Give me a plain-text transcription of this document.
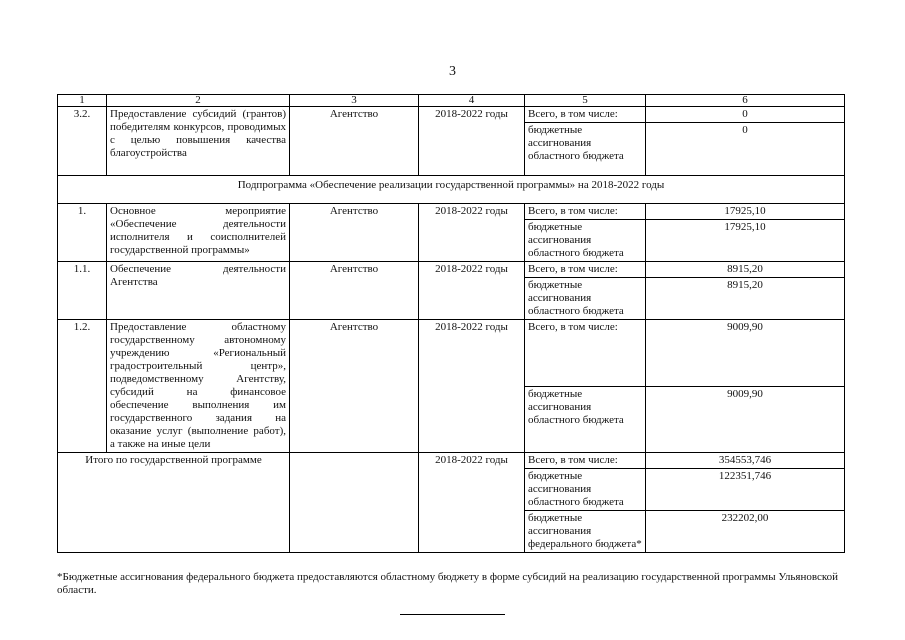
3
1	2	3	4	5	6
3.2.	Предоставление субсидий (грантов) победителям конкурсов, проводимых с целью повышения качества благоустройства	Агентство	2018-2022 годы	Всего, в том числе:	0
				бюджетные ассигнования областного бюджета	0
Подпрограмма «Обеспечение реализации государственной программы» на 2018-2022 годы					
1.	Основное мероприятие «Обеспечение деятельности исполнителя и соисполнителей государственной программы»	Агентство	2018-2022 годы	Всего, в том числе:	17925,10
				бюджетные ассигнования областного бюджета	17925,10
1.1.	Обеспечение деятельности Агентства	Агентство	2018-2022 годы	Всего, в том числе:	8915,20
				бюджетные ассигнования областного бюджета	8915,20
1.2.	Предоставление областному государственному автономному учреждению «Региональный градостроительный центр», подведомственному Агентству, субсидий на финансовое обеспечение выполнения им государственного задания на оказание услуг (выполнение работ), а также на иные цели	Агентство	2018-2022 годы	Всего, в том числе:	9009,90
				бюджетные ассигнования областного бюджета	9009,90
Итого по государственной программе			2018-2022 годы	Всего, в том числе:	354553,746
				бюджетные ассигнования областного бюджета	122351,746
				бюджетные ассигнования федерального бюджета*	232202,00
*Бюджетные ассигнования федерального бюджета предоставляются областному бюджету в форме субсидий на реализацию государственной программы Ульяновской области.
